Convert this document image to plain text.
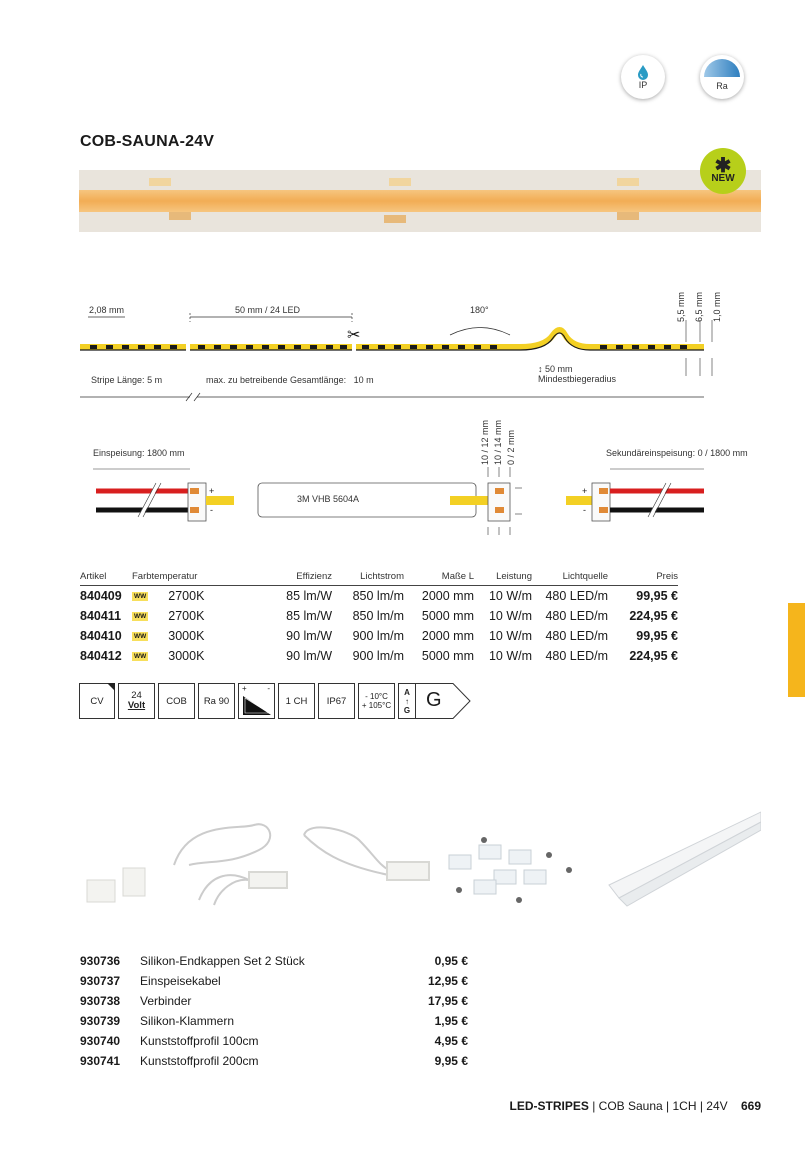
IP	Ra
COB-SAUNA-24V
✱
NEW
✂
2,08 mm	50 mm / 24 LED	180°	5,5 mm 6,5 mm 1,0 mm
Stripe Länge: 5 m	max. zu betreibende Gesamtlänge: 10 m
↕ 50 mm
Mindestbiegeradius
+
-
+
-
Einspeisung: 1800 mm
3M VHB 5604A
10 / 12 mm 10 / 14 mm 0 / 2 mm	Sekundäreinspeisung: 0 / 1800 mm
Artikel	Farbtemperatur	Effizienz	Lichtstrom	Maße L	Leistung	Lichtquelle	Preis
840409	WW 2700K	85 lm/W	850 lm/m	2000 mm	10 W/m	480 LED/m	99,95 €
840411	WW 2700K	85 lm/W	850 lm/m	5000 mm	10 W/m	480 LED/m	224,95 €
840410	WW 3000K	90 lm/W	900 lm/m	2000 mm	10 W/m	480 LED/m	99,95 €
840412	WW 3000K	90 lm/W	900 lm/m	5000 mm	10 W/m	480 LED/m	224,95 €
CV	24
Volt COB Ra 90
+	-
1 CH IP67 - 10°C
+ 105°C
A
↑
G G
930736	Silikon-Endkappen Set 2 Stück	0,95 €
930737	Einspeisekabel	12,95 €
930738	Verbinder	17,95 €
930739	Silikon-Klammern	1,95 €
930740	Kunststoffprofil 100cm	4,95 €
930741	Kunststoffprofil 200cm	9,95 €
LED-STRIPES | COB Sauna | 1CH | 24V 669
